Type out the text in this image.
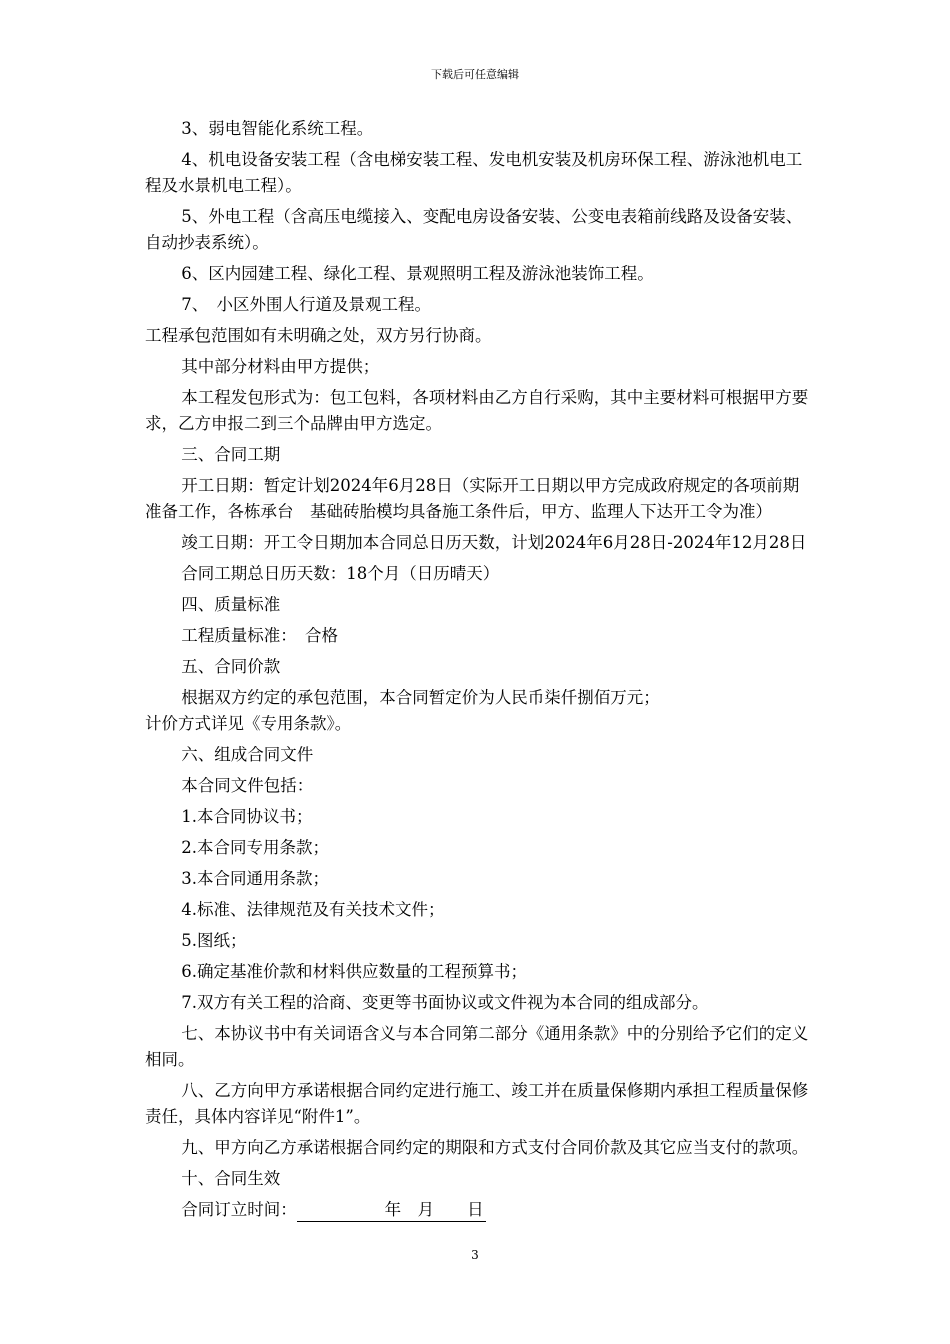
下载后可任意编辑

3、弱电智能化系统工程。

4、机电设备安装工程（含电梯安装工程、发电机安装及机房环保工程、游泳池机电工程及水景机电工程）。

5、外电工程（含高压电缆接入、变配电房设备安装、公变电表箱前线路及设备安装、自动抄表系统）。

6、区内园建工程、绿化工程、景观照明工程及游泳池装饰工程。

7、　小区外围人行道及景观工程。

工程承包范围如有未明确之处，双方另行协商。

其中部分材料由甲方提供；

本工程发包形式为：包工包料，各项材料由乙方自行采购，其中主要材料可根据甲方要求，乙方申报二到三个品牌由甲方选定。

三、合同工期

开工日期：暂定计划2024年6月28日（实际开工日期以甲方完成政府规定的各项前期准备工作，各栋承台　基础砖胎模均具备施工条件后，甲方、监理人下达开工令为准）

竣工日期：开工令日期加本合同总日历天数，计划2024年6月28日-2024年12月28日

合同工期总日历天数：18个月（日历晴天）

四、质量标准

工程质量标准：　合格

五、合同价款

根据双方约定的承包范围，本合同暂定价为人民币柒仟捌佰万元；

计价方式详见《专用条款》。

六、组成合同文件

本合同文件包括：

1.本合同协议书；

2.本合同专用条款；

3.本合同通用条款；

4.标准、法律规范及有关技术文件；

5.图纸；

6.确定基准价款和材料供应数量的工程预算书；

7.双方有关工程的洽商、变更等书面协议或文件视为本合同的组成部分。

七、本协议书中有关词语含义与本合同第二部分《通用条款》中的分别给予它们的定义相同。

八、乙方向甲方承诺根据合同约定进行施工、竣工并在质量保修期内承担工程质量保修责任，具体内容详见“附件1”。

九、甲方向乙方承诺根据合同约定的期限和方式支付合同价款及其它应当支付的款项。

十、合同生效

合同订立时间：　　　年　月　　日

3
